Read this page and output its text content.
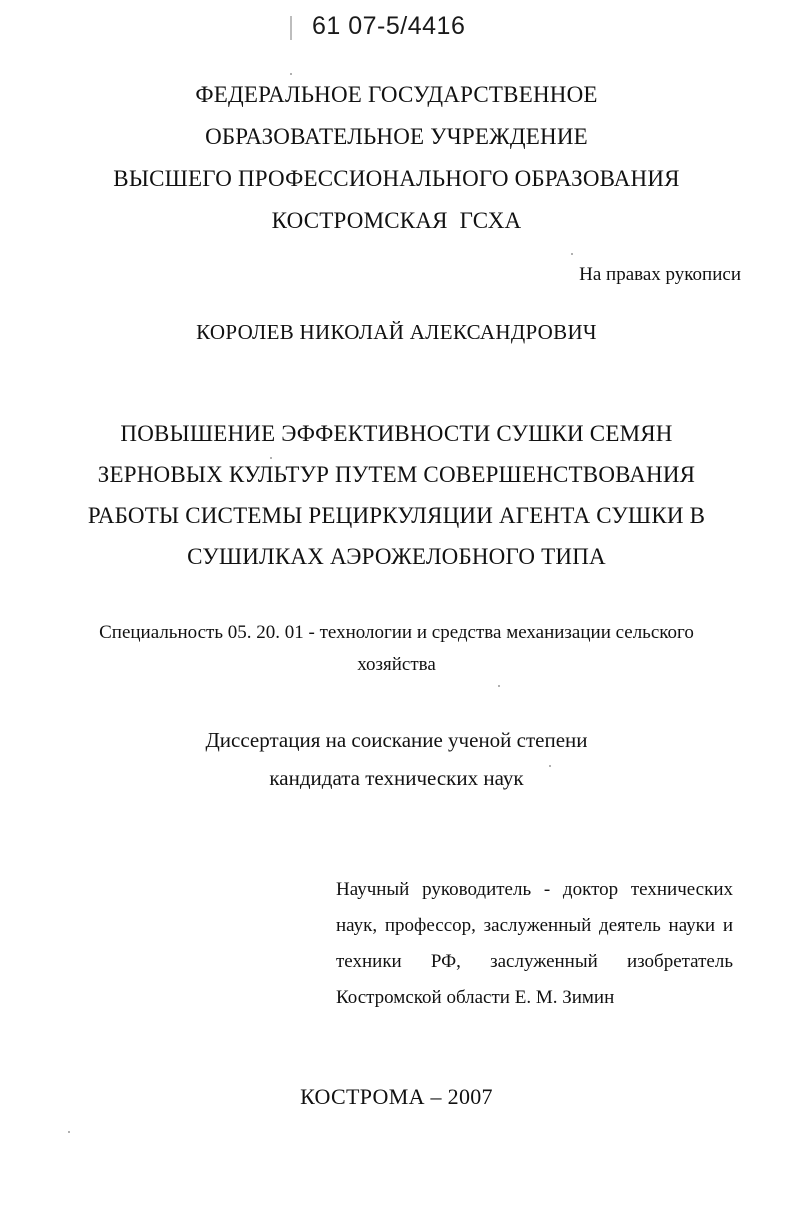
61 07-5/4416
ФЕДЕРАЛЬНОЕ ГОСУДАРСТВЕННОЕ
ОБРАЗОВАТЕЛЬНОЕ УЧРЕЖДЕНИЕ
ВЫСШЕГО ПРОФЕССИОНАЛЬНОГО ОБРАЗОВАНИЯ
КОСТРОМСКАЯ  ГСХА
На правах рукописи
КОРОЛЕВ НИКОЛАЙ АЛЕКСАНДРОВИЧ
ПОВЫШЕНИЕ ЭФФЕКТИВНОСТИ СУШКИ СЕМЯН
ЗЕРНОВЫХ КУЛЬТУР ПУТЕМ СОВЕРШЕНСТВОВАНИЯ
РАБОТЫ СИСТЕМЫ РЕЦИРКУЛЯЦИИ АГЕНТА СУШКИ В
СУШИЛКАХ АЭРОЖЕЛОБНОГО ТИПА
Специальность 05. 20. 01 - технологии и средства механизации сельского
хозяйства
Диссертация на соискание ученой степени
кандидата технических наук
Научный руководитель - доктор технических
наук, профессор, заслуженный деятель науки и
техники РФ, заслуженный изобретатель
Костромской области Е. М. Зимин
КОСТРОМА – 2007
